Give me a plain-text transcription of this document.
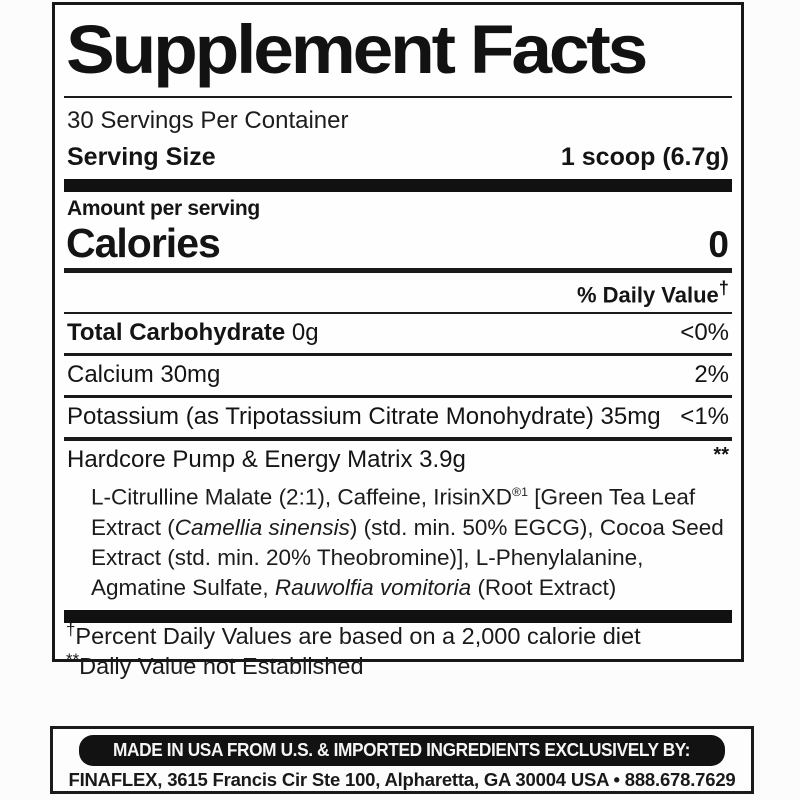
Supplement Facts
30 Servings Per Container
Serving Size	1 scoop (6.7g)
Amount per serving
Calories	0
% Daily Value†
Total Carbohydrate 0g	<0%
Calcium 30mg	2%
Potassium (as Tripotassium Citrate Monohydrate) 35mg <1%
Hardcore Pump & Energy Matrix 3.9g	**
L-Citrulline Malate (2:1), Caffeine, IrisinXD$^{®1}$ [Green Tea Leaf Extract (Camellia sinensis) (std. min. 50% EGCG), Cocoa Seed Extract (std. min. 20% Theobromine)], L-Phenylalanine, Agmatine Sulfate, Rauwolfia vomitoria (Root Extract)
†Percent Daily Values are based on a 2,000 calorie diet
**Daily Value not Established
MADE IN USA FROM U.S. & IMPORTED INGREDIENTS EXCLUSIVELY BY:
FINAFLEX, 3615 Francis Cir Ste 100, Alpharetta, GA 30004 USA • 888.678.7629
